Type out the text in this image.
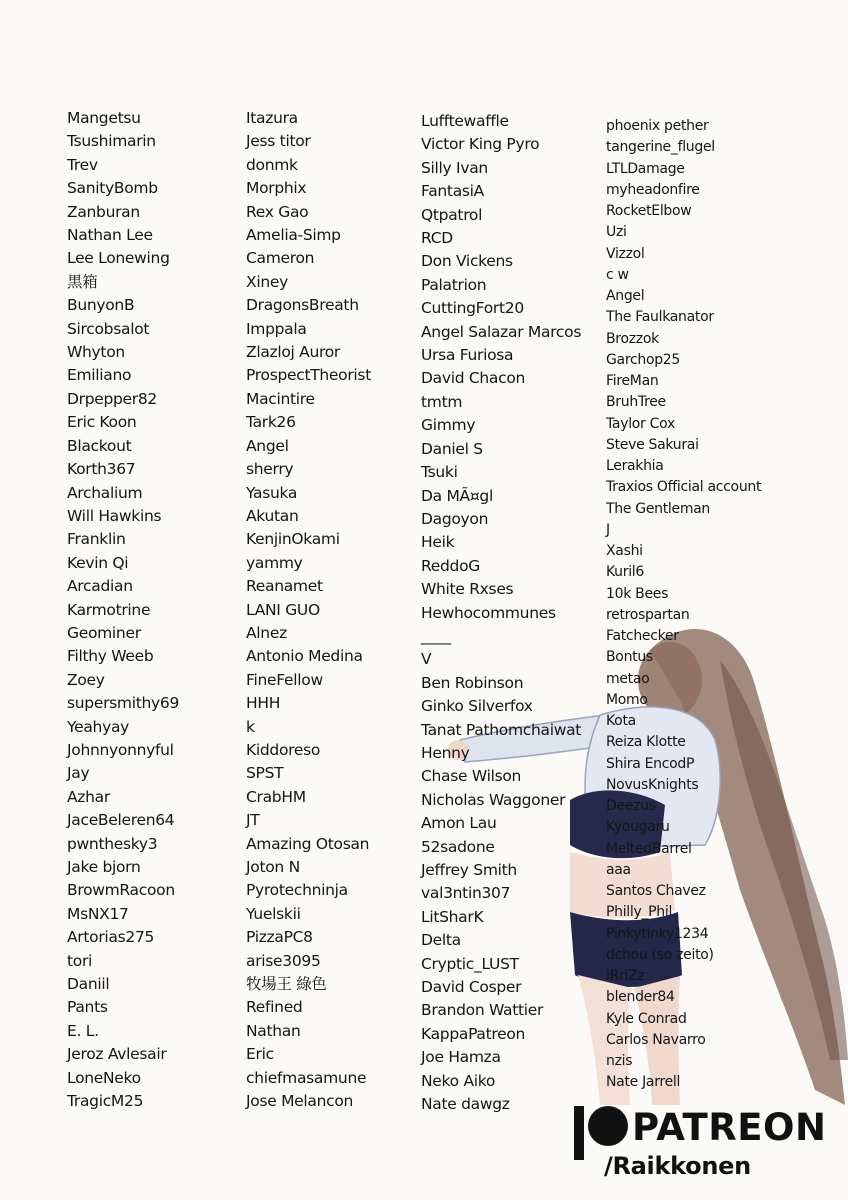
Mangetsu
Tsushimarin
Trev
SanityBomb
Zanburan
Nathan Lee
Lee Lonewing
黒箱
BunyonB
Sircobsalot
Whyton
Emiliano
Drpepper82
Eric Koon
Blackout
Korth367
Archalium
Will Hawkins
Franklin
Kevin Qi
Arcadian
Karmotrine
Geominer
Filthy Weeb
Zoey
supersmithy69
Yeahyay
Johnnyonnyful
Jay
Azhar
JaceBeleren64
pwnthesky3
Jake bjorn
BrowmRacoon
MsNX17
Artorias275
tori
Daniil
Pants
E. L.
Jeroz Avlesair
LoneNeko
TragicM25
Itazura
Jess titor
donmk
Morphix
Rex Gao
Amelia-Simp
Cameron
Xiney
DragonsBreath
Imppala
Zlazloj Auror
ProspectTheorist
Macintire
Tark26
Angel
sherry
Yasuka
Akutan
KenjinOkami
yammy
Reanamet
LANI GUO
Alnez
Antonio Medina
FineFellow
HHH
k
Kiddoreso
SPST
CrabHM
JT
Amazing Otosan
Joton N
Pyrotechninja
Yuelskii
PizzaPC8
arise3095
牧場王 綠色
Refined
Nathan
Eric
chiefmasamune
Jose Melancon
Lufftewaffle
Victor King Pyro
Silly Ivan
FantasiA
Qtpatrol
RCD
Don Vickens
Palatrion
CuttingFort20
Angel Salazar Marcos
Ursa Furiosa
David Chacon
tmtm
Gimmy
Daniel S
Tsuki
Da MÃ¤gl
Dagoyon
Heik
ReddoG
White Rxses
Hewhocommunes
____
V
Ben Robinson
Ginko Silverfox
Tanat Pathomchaiwat
Henny
Chase Wilson
Nicholas Waggoner
Amon Lau
52sadone
Jeffrey Smith
val3ntin307
LitSharK
Delta
Cryptic_LUST
David Cosper
Brandon Wattier
KappaPatreon
Joe Hamza
Neko Aiko
Nate dawgz
phoenix pether
tangerine_flugel
LTLDamage
myheadonfire
RocketElbow
Uzi
Vizzol
c w
Angel
The Faulkanator
Brozzok
Garchop25
FireMan
BruhTree
Taylor Cox
Steve Sakurai
Lerakhia
Traxios Official account
The Gentleman
J
Xashi
Kuril6
10k Bees
retrospartan
Fatchecker
Bontus
metao
Momo
Kota
Reiza Klotte
Shira EncodP
NovusKnights
Deezus
Kyougaru
MeltedBarrel
aaa
Santos Chavez
Philly_Phil
Pinkytinky1234
dchou (so zeito)
iRriZz
blender84
Kyle Conrad
Carlos Navarro
nzis
Nate Jarrell
PATREON
/Raikkonen
